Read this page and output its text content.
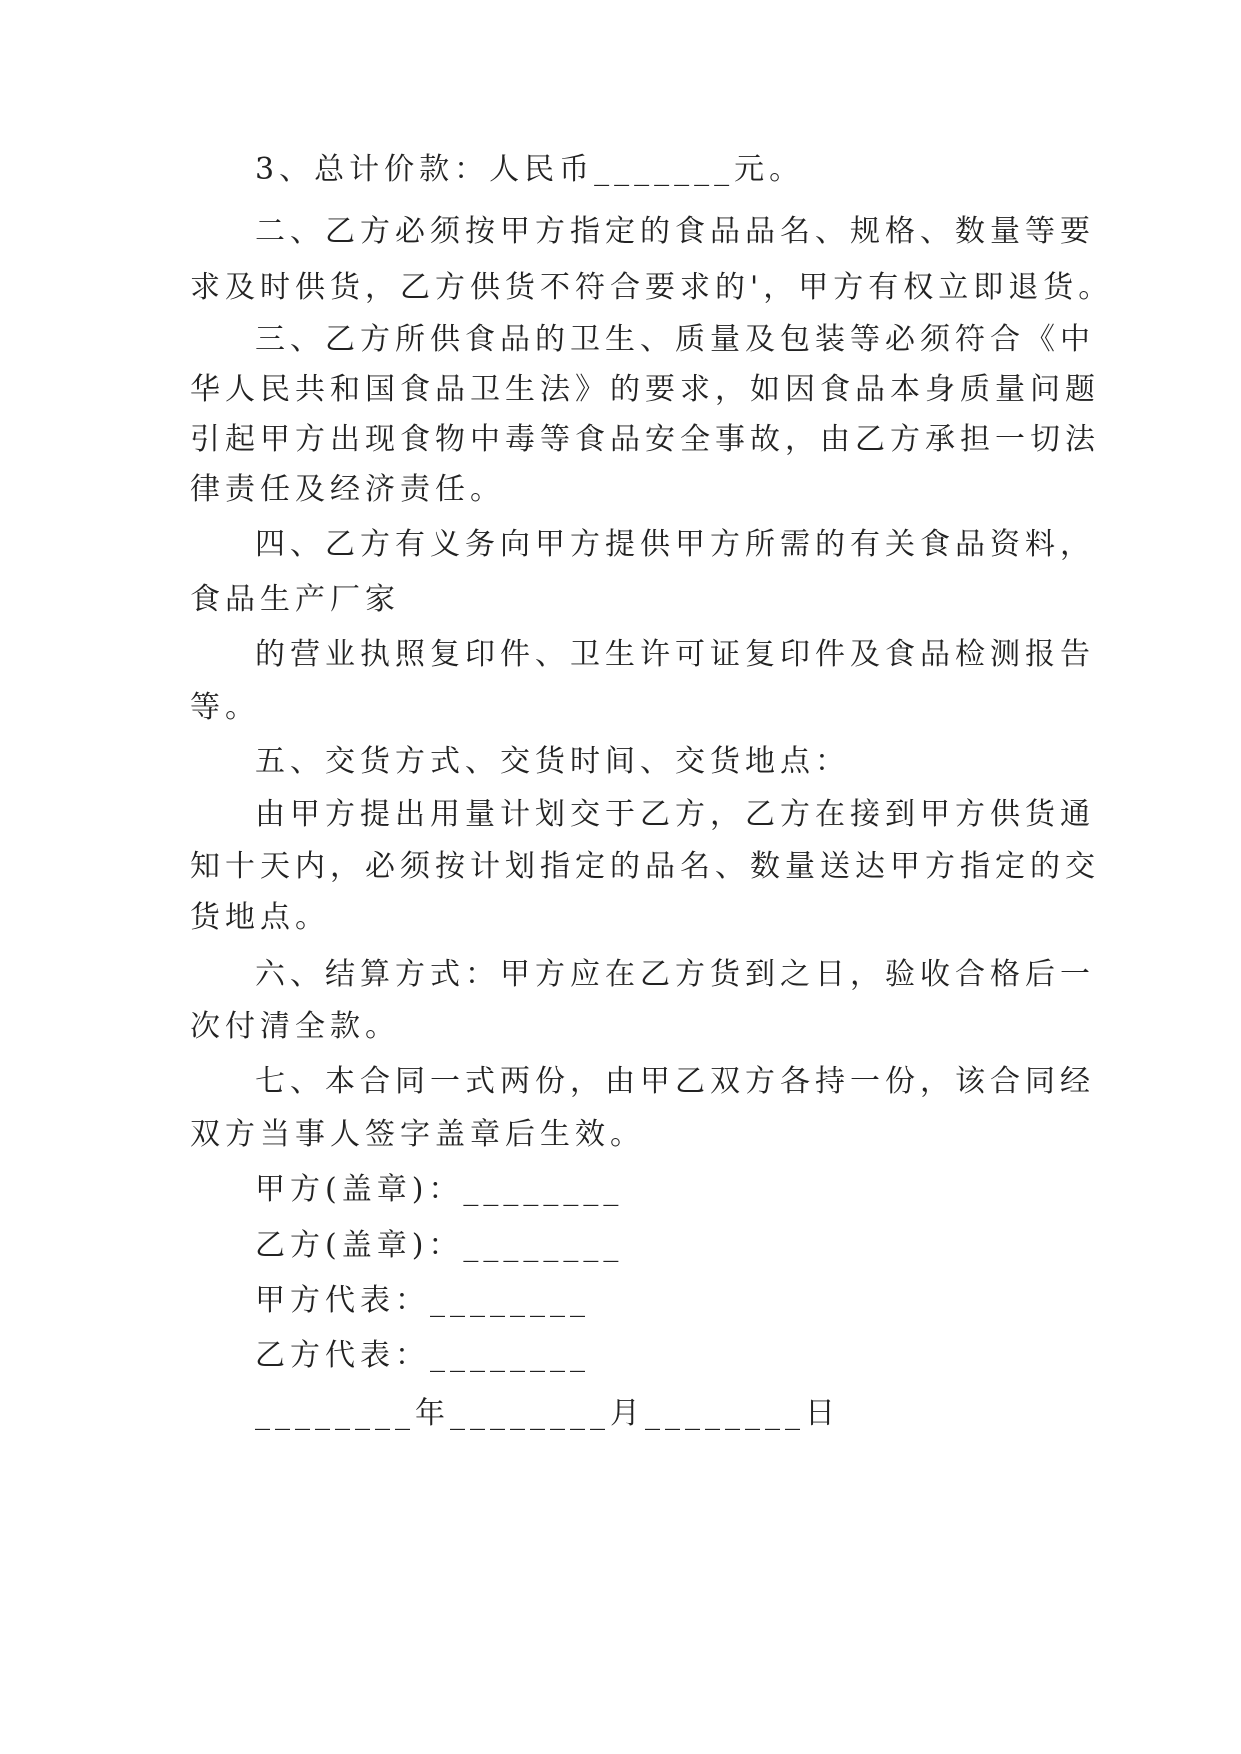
3、总计价款：人民币_______元。
二、乙方必须按甲方指定的食品品名、规格、数量等要
求及时供货，乙方供货不符合要求的'，甲方有权立即退货。
三、乙方所供食品的卫生、质量及包装等必须符合《中
华人民共和国食品卫生法》的要求，如因食品本身质量问题
引起甲方出现食物中毒等食品安全事故，由乙方承担一切法
律责任及经济责任。
四、乙方有义务向甲方提供甲方所需的有关食品资料，
食品生产厂家
的营业执照复印件、卫生许可证复印件及食品检测报告
等。
五、交货方式、交货时间、交货地点：
由甲方提出用量计划交于乙方，乙方在接到甲方供货通
知十天内，必须按计划指定的品名、数量送达甲方指定的交
货地点。
六、结算方式：甲方应在乙方货到之日，验收合格后一
次付清全款。
七、本合同一式两份，由甲乙双方各持一份，该合同经
双方当事人签字盖章后生效。
甲方(盖章)：________
乙方(盖章)：________
甲方代表：________
乙方代表：________
________年________月________日
